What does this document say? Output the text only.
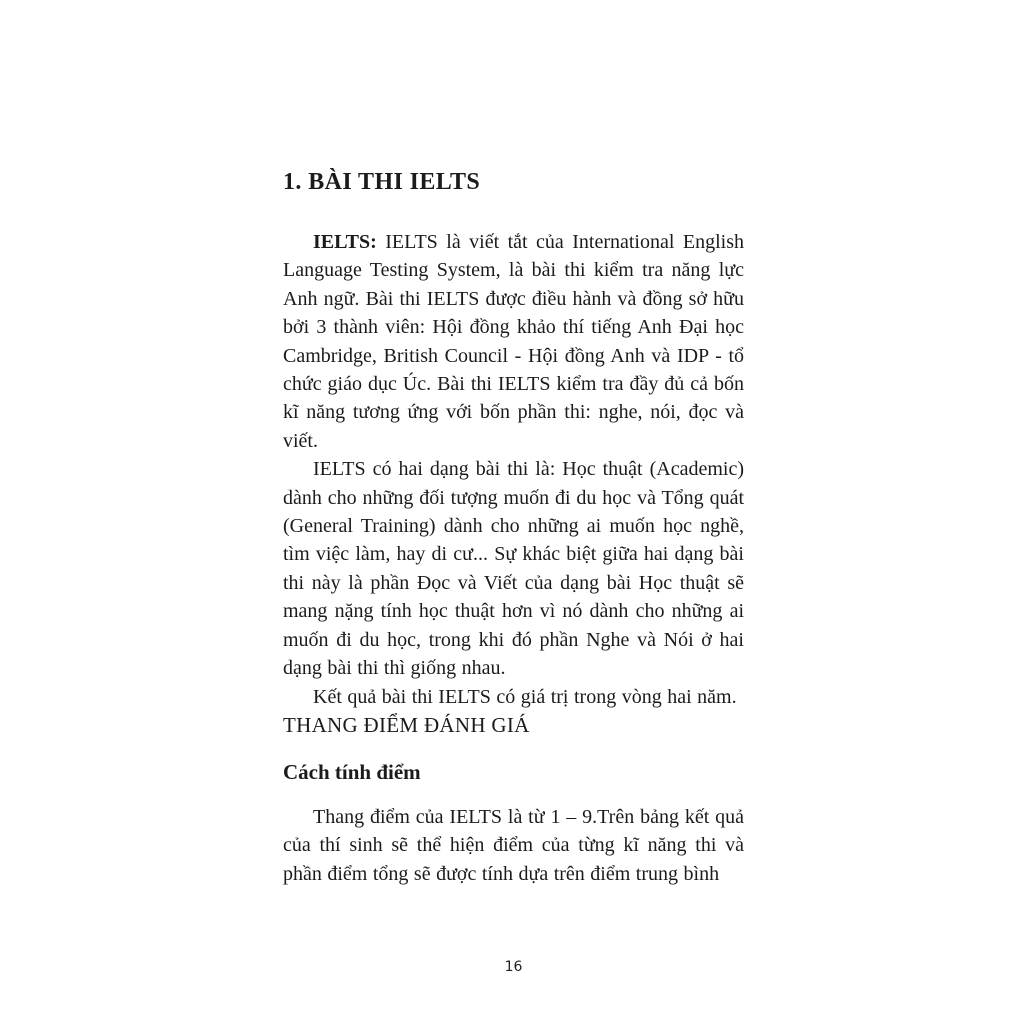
1. BÀI THI IELTS

IELTS: IELTS là viết tắt của International English Language Testing System, là bài thi kiểm tra năng lực Anh ngữ. Bài thi IELTS được điều hành và đồng sở hữu bởi 3 thành viên: Hội đồng khảo thí tiếng Anh Đại học Cambridge, British Council - Hội đồng Anh và IDP - tổ chức giáo dục Úc. Bài thi IELTS kiểm tra đầy đủ cả bốn kĩ năng tương ứng với bốn phần thi: nghe, nói, đọc và viết.

IELTS có hai dạng bài thi là: Học thuật (Academic) dành cho những đối tượng muốn đi du học và Tổng quát (General Training) dành cho những ai muốn học nghề, tìm việc làm, hay di cư... Sự khác biệt giữa hai dạng bài thi này là phần Đọc và Viết của dạng bài Học thuật sẽ mang nặng tính học thuật hơn vì nó dành cho những ai muốn đi du học, trong khi đó phần Nghe và Nói ở hai dạng bài thi thì giống nhau.

Kết quả bài thi IELTS có giá trị trong vòng hai năm.

THANG ĐIỂM ĐÁNH GIÁ
Cách tính điểm

Thang điểm của IELTS là từ 1 – 9.Trên bảng kết quả của thí sinh sẽ thể hiện điểm của từng kĩ năng thi và phần điểm tổng sẽ được tính dựa trên điểm trung bình

16
